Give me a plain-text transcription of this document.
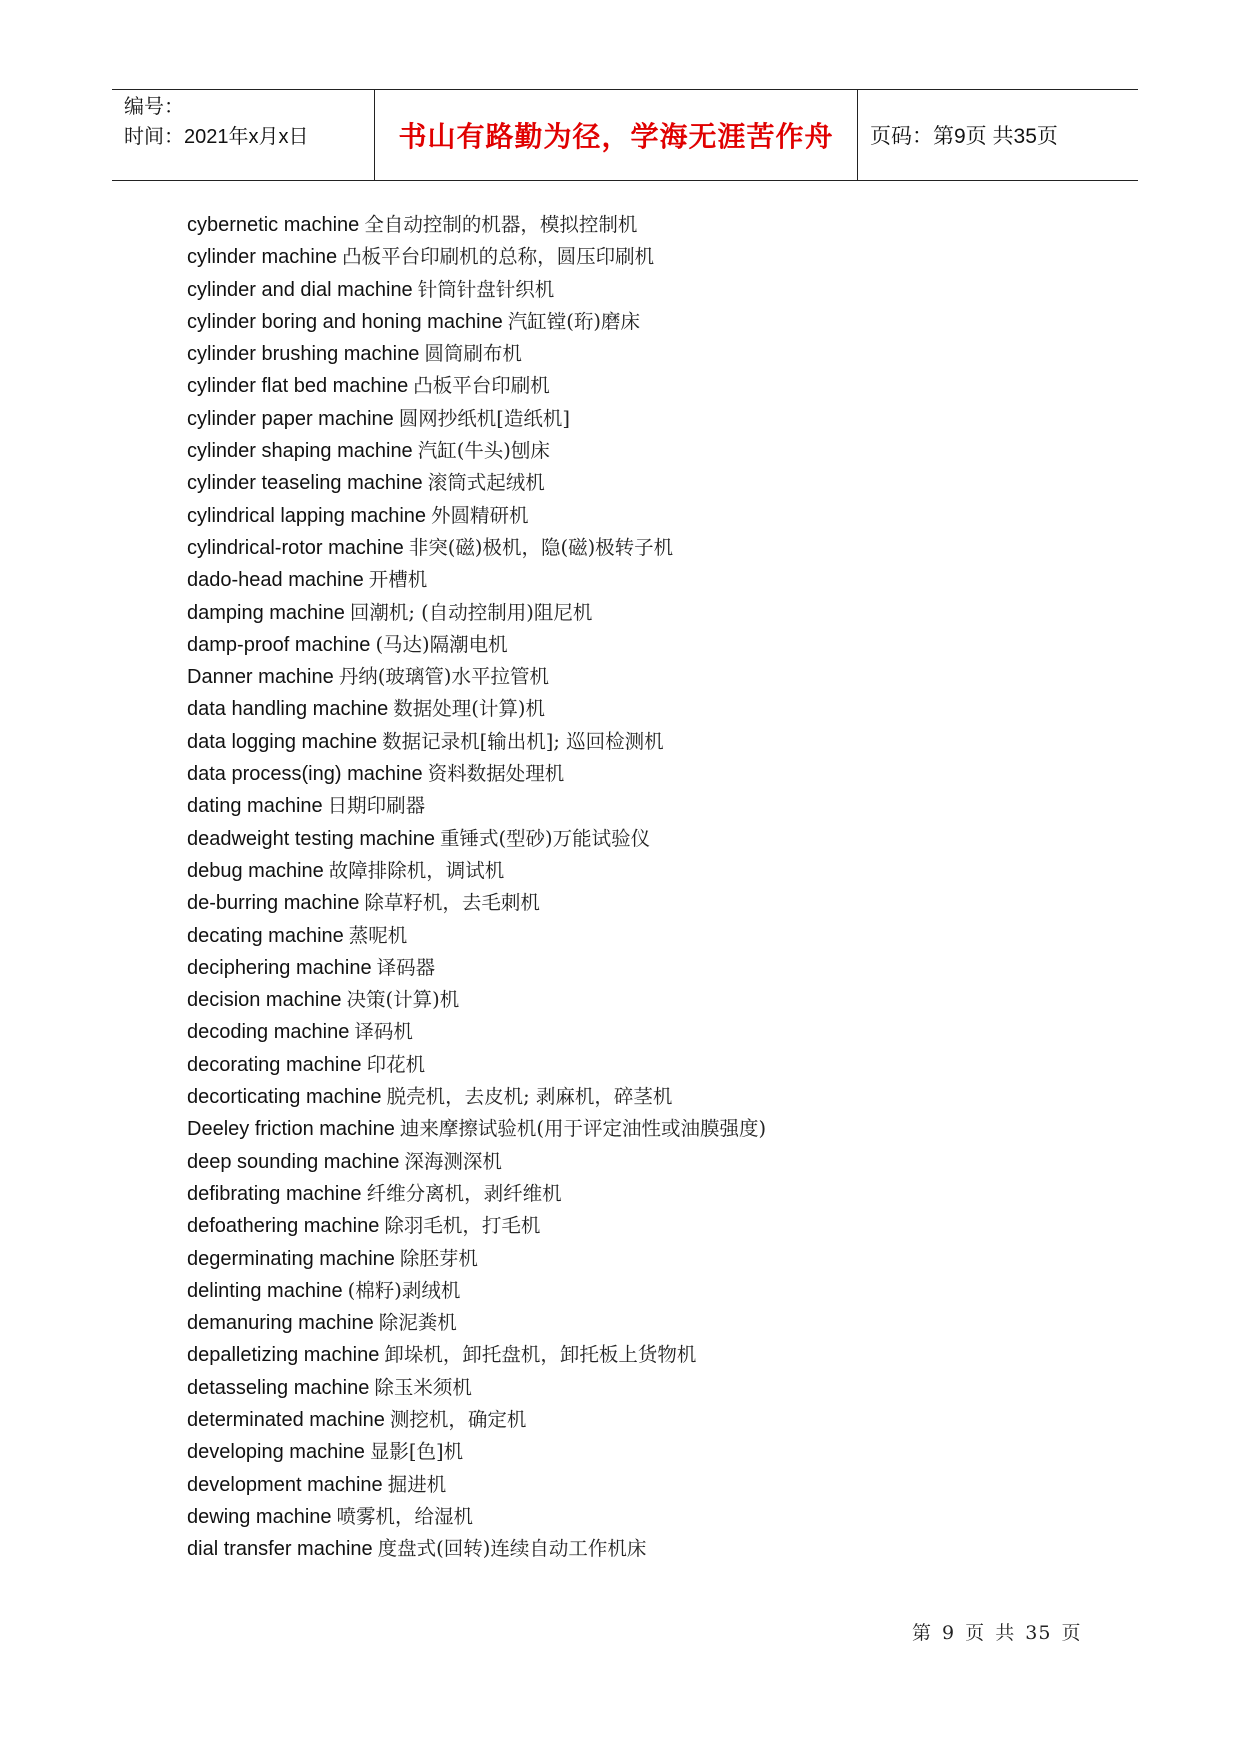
编号：
时间：2021年x月x日	书山有路勤为径，学海无涯苦作舟 页码：第9页 共35页
cybernetic machine 全自动控制的机器，模拟控制机
cylinder machine 凸板平台印刷机的总称，圆压印刷机
cylinder and dial machine 针筒针盘针织机
cylinder boring and honing machine 汽缸镗(珩)磨床
cylinder brushing machine 圆筒刷布机
cylinder flat bed machine 凸板平台印刷机
cylinder paper machine 圆网抄纸机[造纸机]
cylinder shaping machine 汽缸(牛头)刨床
cylinder teaseling machine 滚筒式起绒机
cylindrical lapping machine 外圆精研机
cylindrical-rotor machine 非突(磁)极机，隐(磁)极转子机
dado-head machine 开槽机
damping machine 回潮机; (自动控制用)阻尼机
damp-proof machine (马达)隔潮电机
Danner machine 丹纳(玻璃管)水平拉管机
data handling machine 数据处理(计算)机
data logging machine 数据记录机[输出机]; 巡回检测机
data process(ing) machine 资料数据处理机
dating machine 日期印刷器
deadweight testing machine 重锤式(型砂)万能试验仪
debug machine 故障排除机，调试机
de-burring machine 除草籽机，去毛刺机
decating machine 蒸呢机
deciphering machine 译码器
decision machine 决策(计算)机
decoding machine 译码机
decorating machine 印花机
decorticating machine 脱壳机，去皮机; 剥麻机，碎茎机
Deeley friction machine 迪来摩擦试验机(用于评定油性或油膜强度)
deep sounding machine 深海测深机
defibrating machine 纤维分离机，剥纤维机
defoathering machine 除羽毛机，打毛机
degerminating machine 除胚芽机
delinting machine (棉籽)剥绒机
demanuring machine 除泥粪机
depalletizing machine 卸垛机，卸托盘机，卸托板上货物机
detasseling machine 除玉米须机
determinated machine 测挖机，确定机
developing machine 显影[色]机
development machine 掘进机
dewing machine 喷雾机，给湿机
dial transfer machine 度盘式(回转)连续自动工作机床
第 9 页 共 35 页
